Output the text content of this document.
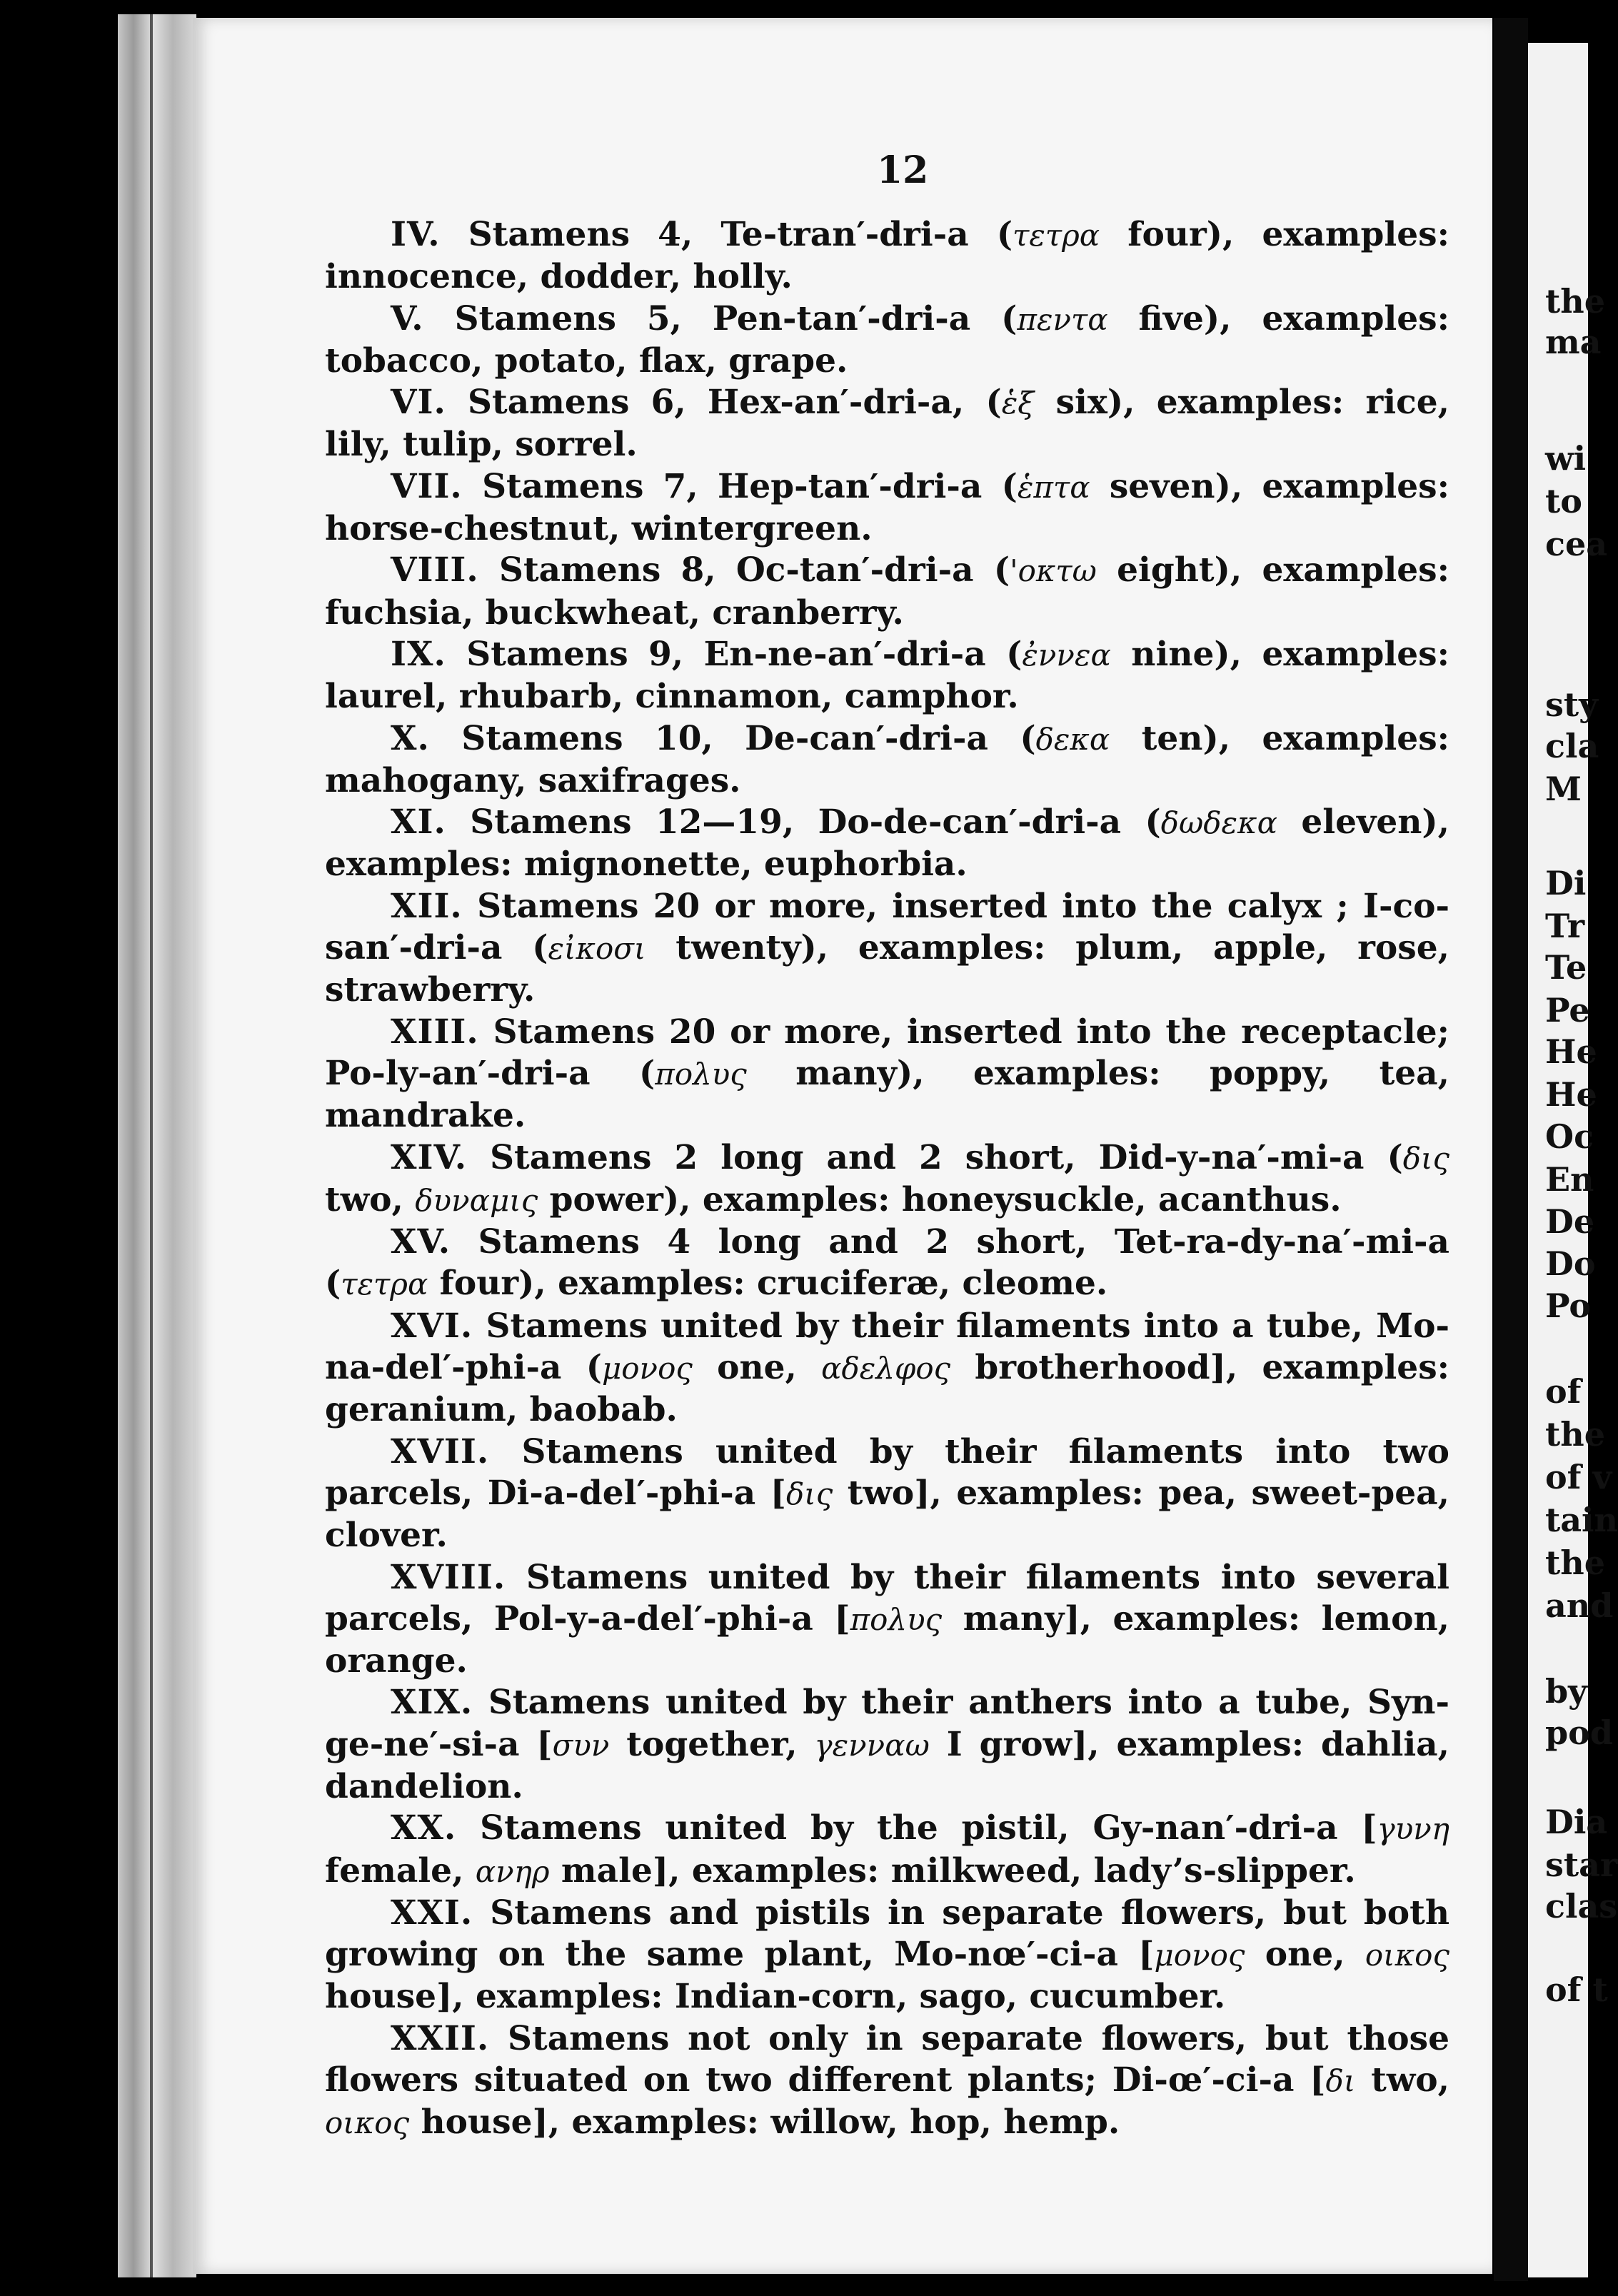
the
ma
wi
to
cea
sty
cla
M
Di
Tr
Te
Pe
He
He
Oc
En
De
Do
Po
of
the
of v
tain
the
and
by
pod
Dia
star
clas
of t
12

IV. Stamens 4, Te-tran′-dri-a (τετρα four), examples: innocence, dodder, holly.

V. Stamens 5, Pen-tan′-dri-a (πεντα five), examples: tobacco, potato, flax, grape.

VI. Stamens 6, Hex-an′-dri-a, (ἑξ six), examples: rice, lily, tulip, sorrel.

VII. Stamens 7, Hep-tan′-dri-a (ἑπτα seven), examples: horse-chestnut, wintergreen.

VIII. Stamens 8, Oc-tan′-dri-a ('οκτω eight), examples: fuchsia, buckwheat, cranberry.

IX. Stamens 9, En-ne-an′-dri-a (ἐννεα nine), examples: laurel, rhubarb, cinnamon, camphor.

X. Stamens 10, De-can′-dri-a (δεκα ten), examples: mahogany, saxifrages.

XI. Stamens 12—19, Do-de-can′-dri-a (δωδεκα eleven), examples: mignonette, euphorbia.

XII. Stamens 20 or more, inserted into the calyx ; I-co-san′-dri-a (εἰκοσι twenty), examples: plum, apple, rose, strawberry.

XIII. Stamens 20 or more, inserted into the receptacle; Po-ly-an′-dri-a (πολυς many), examples: poppy, tea, mandrake.

XIV. Stamens 2 long and 2 short, Did-y-na′-mi-a (δις two, δυναμις power), examples: honeysuckle, acanthus.

XV. Stamens 4 long and 2 short, Tet-ra-dy-na′-mi-a (τετρα four), examples: cruciferæ, cleome.

XVI. Stamens united by their filaments into a tube, Mo-na-del′-phi-a (μονος one, αδελφος brotherhood], examples: geranium, baobab.

XVII. Stamens united by their filaments into two parcels, Di-a-del′-phi-a [δις two], examples: pea, sweet-pea, clover.

XVIII. Stamens united by their filaments into several parcels, Pol-y-a-del′-phi-a [πολυς many], examples: lemon, orange.

XIX. Stamens united by their anthers into a tube, Syn-ge-ne′-si-a [συν together, γενναω I grow], examples: dahlia, dandelion.

XX. Stamens united by the pistil, Gy-nan′-dri-a [γυνη female, ανηρ male], examples: milkweed, lady’s-slipper.

XXI. Stamens and pistils in separate flowers, but both growing on the same plant, Mo-nœ′-ci-a [μονος one, οικος house], examples: Indian-corn, sago, cucumber.

XXII. Stamens not only in separate flowers, but those flowers situated on two different plants; Di-œ′-ci-a [δι two, οικος house], examples: willow, hop, hemp.
